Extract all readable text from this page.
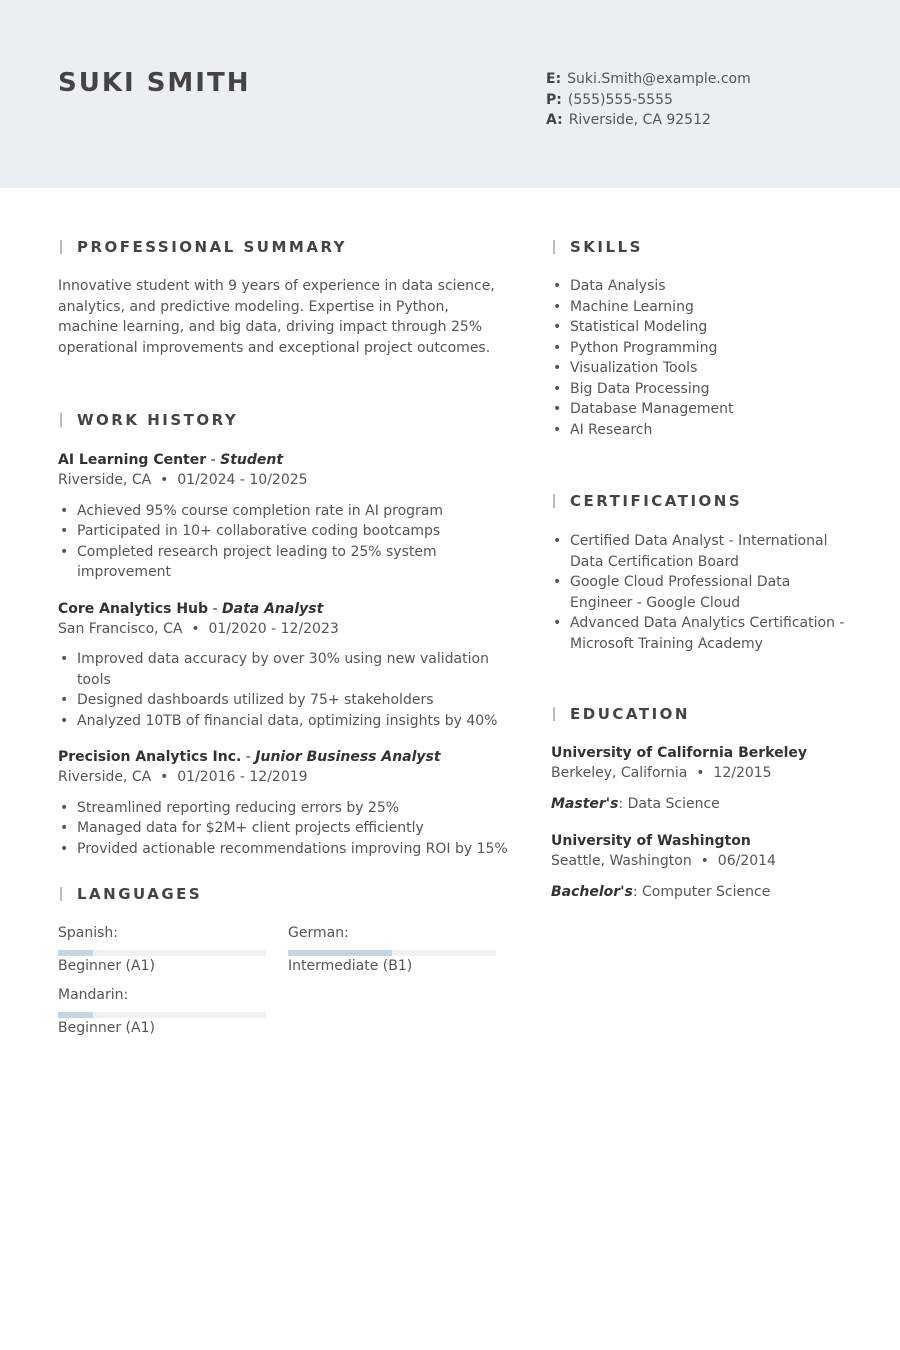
SUKI SMITH	E: Suki.Smith@example.com
P: (555)555-5555
A: Riverside, CA 92512
PROFESSIONAL SUMMARY
Innovative student with 9 years of experience in data science, analytics, and predictive modeling. Expertise in Python, machine learning, and big data, driving impact through 25% operational improvements and exceptional project outcomes.
WORK HISTORY
AI Learning Center - Student
Riverside, CA  •  01/2024 - 10/2025
• Achieved 95% course completion rate in AI program
• Participated in 10+ collaborative coding bootcamps
• Completed research project leading to 25% system improvement
Core Analytics Hub - Data Analyst
San Francisco, CA  •  01/2020 - 12/2023
• Improved data accuracy by over 30% using new validation tools
• Designed dashboards utilized by 75+ stakeholders
• Analyzed 10TB of financial data, optimizing insights by 40%
Precision Analytics Inc. - Junior Business Analyst
Riverside, CA  •  01/2016 - 12/2019
• Streamlined reporting reducing errors by 25%
• Managed data for $2M+ client projects efficiently
• Provided actionable recommendations improving ROI by 15%
LANGUAGES
Spanish:
Beginner (A1)
German:
Intermediate (B1)
Mandarin:
Beginner (A1)
SKILLS
• Data Analysis
• Machine Learning
• Statistical Modeling
• Python Programming
• Visualization Tools
• Big Data Processing
• Database Management
• AI Research
CERTIFICATIONS
• Certified Data Analyst - International Data Certification Board
• Google Cloud Professional Data Engineer - Google Cloud
• Advanced Data Analytics Certification - Microsoft Training Academy
EDUCATION
University of California Berkeley
Berkeley, California  •  12/2015
Master's: Data Science
University of Washington
Seattle, Washington  •  06/2014
Bachelor's: Computer Science
